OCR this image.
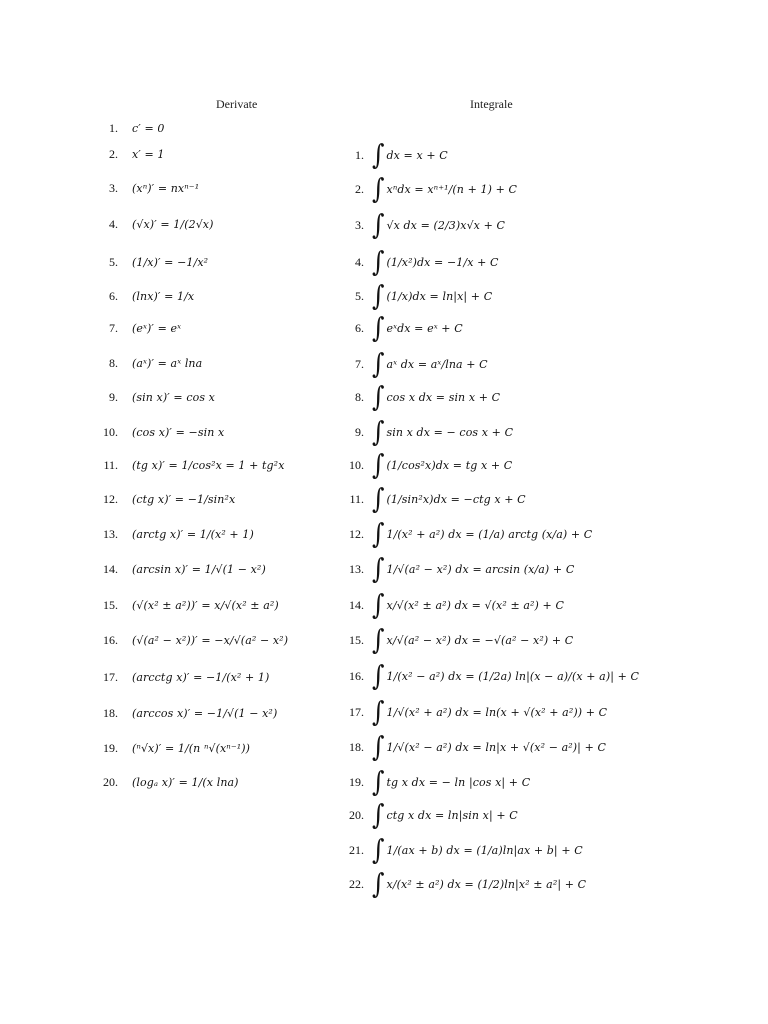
Derivate	Integrale
1. c′ = 0
2. x′ = 1
3. (xⁿ)′ = nxⁿ⁻¹
4. (√x)′ = 1/(2√x)
5. (1/x)′ = −1/x²
6. (lnx)′ = 1/x
7. (eˣ)′ = eˣ
8. (aˣ)′ = aˣ lna
9. (sin x)′ = cos x
10. (cos x)′ = −sin x
11. (tg x)′ = 1/cos²x = 1 + tg²x
12. (ctg x)′ = −1/sin²x
13. (arctg x)′ = 1/(x² + 1)
14. (arcsin x)′ = 1/√(1 − x²)
15. (√(x² ± a²))′ = x/√(x² ± a²)
16. (√(a² − x²))′ = −x/√(a² − x²)
17. (arcctg x)′ = −1/(x² + 1)
18. (arccos x)′ = −1/√(1 − x²)
19. (ⁿ√x)′ = 1/(n ⁿ√(xⁿ⁻¹))
20. (logₐ x)′ = 1/(x lna)
1. ∫ dx = x + C
2. ∫ xⁿdx = xⁿ⁺¹/(n + 1) + C
3. ∫ √x dx = (2/3)x√x + C
4. ∫ (1/x²)dx = −1/x + C
5. ∫ (1/x)dx = ln|x| + C
6. ∫ eˣdx = eˣ + C
7. ∫ aˣ dx = aˣ/lna + C
8. ∫ cos x dx = sin x + C
9. ∫ sin x dx = − cos x + C
10. ∫ (1/cos²x)dx = tg x + C
11. ∫ (1/sin²x)dx = −ctg x + C
12. ∫ 1/(x² + a²) dx = (1/a) arctg (x/a) + C
13. ∫ 1/√(a² − x²) dx = arcsin (x/a) + C
14. ∫ x/√(x² ± a²) dx = √(x² ± a²) + C
15. ∫ x/√(a² − x²) dx = −√(a² − x²) + C
16. ∫ 1/(x² − a²) dx = (1/2a) ln|(x − a)/(x + a)| + C
17. ∫ 1/√(x² + a²) dx = ln(x + √(x² + a²)) + C
18. ∫ 1/√(x² − a²) dx = ln|x + √(x² − a²)| + C
19. ∫ tg x dx = − ln |cos x| + C
20. ∫ ctg x dx = ln|sin x| + C
21. ∫ 1/(ax + b) dx = (1/a)ln|ax + b| + C
22. ∫ x/(x² ± a²) dx = (1/2)ln|x² ± a²| + C
